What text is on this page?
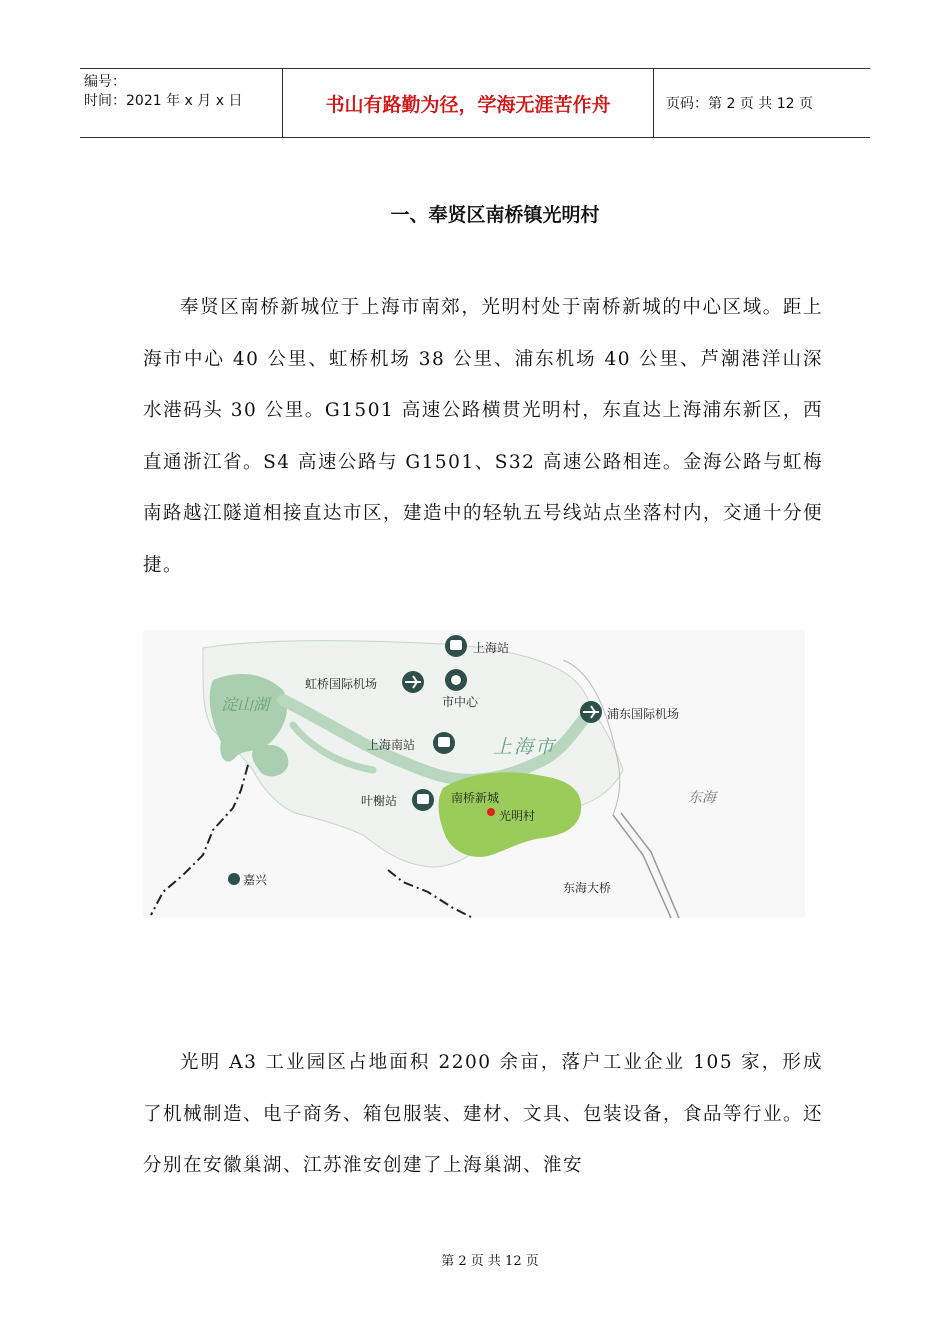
编号：
时间：2021 年 x 月 x 日	书山有路勤为径，学海无涯苦作舟	页码：第 2 页 共 12 页
一、奉贤区南桥镇光明村

奉贤区南桥新城位于上海市南郊，光明村处于南桥新城的中心区域。距上海市中心 40 公里、虹桥机场 38 公里、浦东机场 40 公里、芦潮港洋山深水港码头 30 公里。G1501 高速公路横贯光明村，东直达上海浦东新区，西直通浙江省。S4 高速公路与 G1501、S32 高速公路相连。金海公路与虹梅南路越江隧道相接直达市区，建造中的轻轨五号线站点坐落村内，交通十分便捷。

上海站
市中心
虹桥国际机场
浦东国际机场
上海南站
叶榭站
淀山湖
上海市
南桥新城
光明村
东海
嘉兴
东海大桥

光明 A3 工业园区占地面积 2200 余亩，落户工业企业 105 家，形成了机械制造、电子商务、箱包服装、建材、文具、包装设备，食品等行业。还分别在安徽巢湖、江苏淮安创建了上海巢湖、淮安

第 2 页 共 12 页
